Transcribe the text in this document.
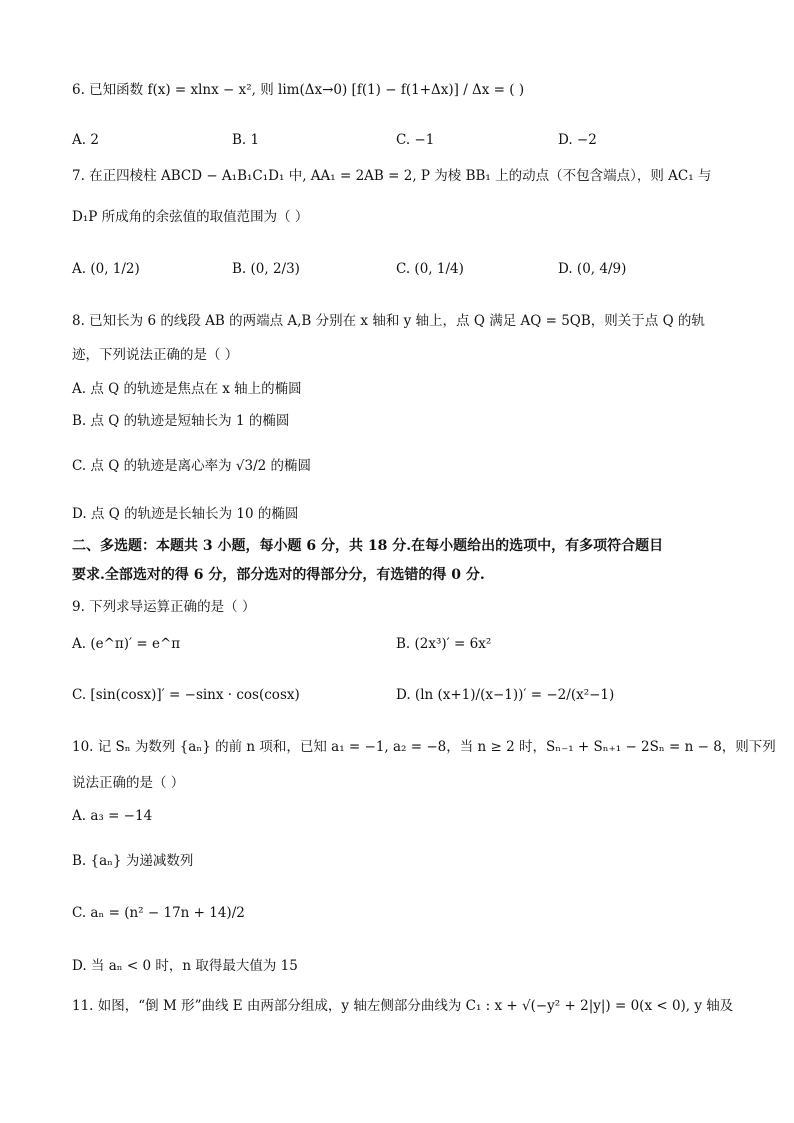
6. 已知函数 f(x) = xlnx − x², 则 lim(Δx→0) [f(1) − f(1+Δx)] / Δx = ( )
A. 2	B. 1	C. −1	D. −2
7. 在正四棱柱 ABCD − A₁B₁C₁D₁ 中, AA₁ = 2AB = 2, P 为棱 BB₁ 上的动点（不包含端点），则 AC₁ 与
D₁P 所成角的余弦值的取值范围为（ ）
A. (0, 1/2)	B. (0, 2/3)	C. (0, 1/4)	D. (0, 4/9)
8. 已知长为 6 的线段 AB 的两端点 A,B 分别在 x 轴和 y 轴上，点 Q 满足 AQ = 5QB，则关于点 Q 的轨
迹，下列说法正确的是（ ）
A. 点 Q 的轨迹是焦点在 x 轴上的椭圆
B. 点 Q 的轨迹是短轴长为 1 的椭圆
C. 点 Q 的轨迹是离心率为 √3/2 的椭圆
D. 点 Q 的轨迹是长轴长为 10 的椭圆
二、多选题：本题共 3 小题，每小题 6 分，共 18 分.在每小题给出的选项中，有多项符合题目
要求.全部选对的得 6 分，部分选对的得部分分，有选错的得 0 分.
9. 下列求导运算正确的是（ ）
A. (e^π)′ = e^π	B. (2x³)′ = 6x²
C. [sin(cosx)]′ = −sinx · cos(cosx)	D. (ln (x+1)/(x−1))′ = −2/(x²−1)
10. 记 Sₙ 为数列 {aₙ} 的前 n 项和，已知 a₁ = −1, a₂ = −8，当 n ≥ 2 时，Sₙ₋₁ + Sₙ₊₁ − 2Sₙ = n − 8，则下列
说法正确的是（ ）
A. a₃ = −14
B. {aₙ} 为递减数列
C. aₙ = (n² − 17n + 14)/2
D. 当 aₙ < 0 时，n 取得最大值为 15
11. 如图，“倒 M 形”曲线 E 由两部分组成，y 轴左侧部分曲线为 C₁ : x + √(−y² + 2|y|) = 0(x < 0), y 轴及
